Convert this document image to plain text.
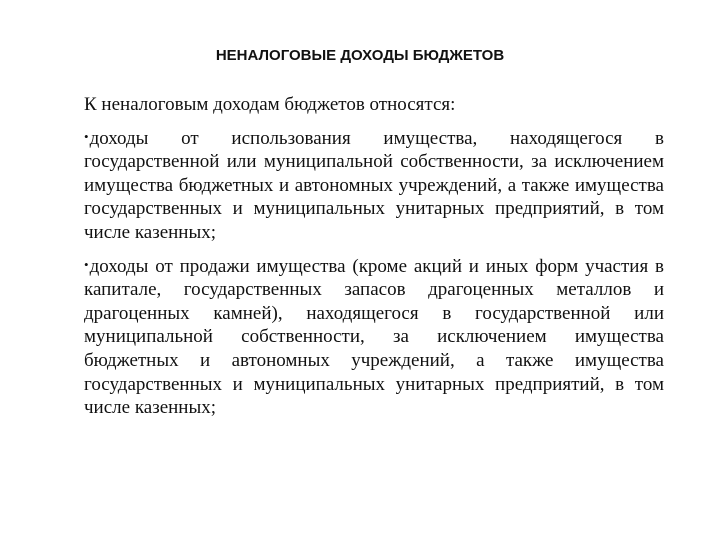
НЕНАЛОГОВЫЕ ДОХОДЫ БЮДЖЕТОВ

К неналоговым доходам бюджетов относятся:

•доходы от использования имущества, находящегося в государственной или муниципальной собственности, за исключением имущества бюджетных и автономных учреждений, а также имущества государственных и муниципальных унитарных предприятий, в том числе казенных;

•доходы от продажи имущества (кроме акций и иных форм участия в капитале, государственных запасов драгоценных металлов и драгоценных камней), находящегося в государственной или муниципальной собственности, за исключением имущества бюджетных и автономных учреждений, а также имущества государственных и муниципальных унитарных предприятий, в том числе казенных;
